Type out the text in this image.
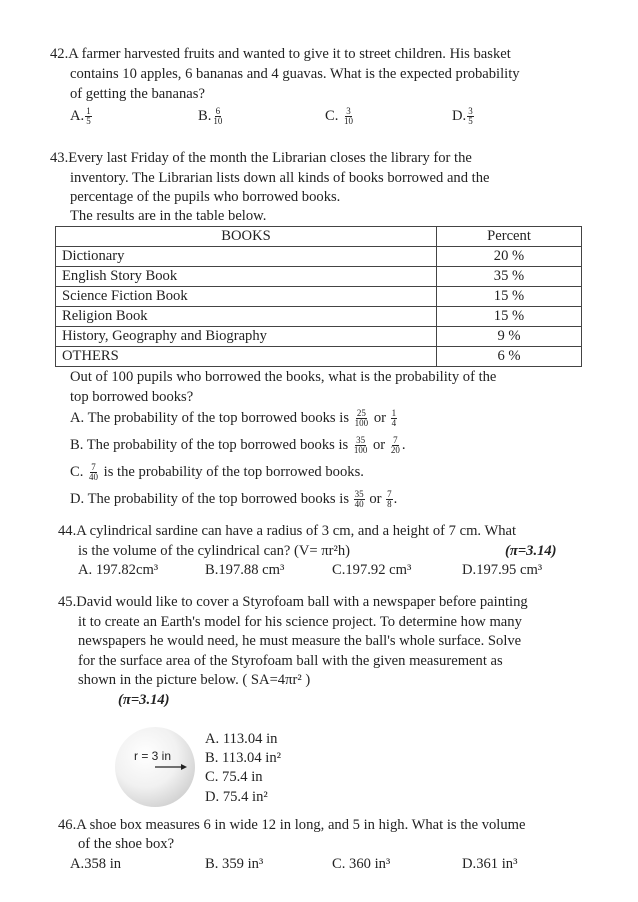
42.A farmer harvested fruits and wanted to give it to street children. His basket
contains 10 apples, 6 bananas and 4 guavas. What is the expected probability
of getting the bananas?
A. $\frac{1}{5}$	B. $\frac{6}{10}$	C. $\frac{3}{10}$	D. $\frac{3}{5}$
43.Every last Friday of the month the Librarian closes the library for the
inventory. The Librarian lists down all kinds of books borrowed and the
percentage of the pupils who borrowed books.
The results are in the table below.
BOOKS	Percent
Dictionary	20 %
English Story Book	35 %
Science Fiction Book	15 %
Religion Book	15 %
History, Geography and Biography	9 %
OTHERS	6 %
Out of 100 pupils who borrowed the books, what is the probability of the
top borrowed books?
A. The probability of the top borrowed books is $\frac{25}{100}$ or $\frac{1}{4}$
B. The probability of the top borrowed books is $\frac{35}{100}$ or $\frac{7}{20}$ .
C. $\frac{7}{40}$ is the probability of the top borrowed books.
D. The probability of the top borrowed books is $\frac{35}{40}$ or $\frac{7}{8}$ .
44.A cylindrical sardine can have a radius of 3 cm, and a height of 7 cm. What
is the volume of the cylindrical can? (V= πr²h)	(π=3.14)
A. 197.82cm³	B.197.88 cm³	C.197.92 cm³	D.197.95 cm³
45.David would like to cover a Styrofoam ball with a newspaper before painting
it to create an Earth's model for his science project. To determine how many
newspapers he would need, he must measure the ball's whole surface. Solve
for the surface area of the Styrofoam ball with the given measurement as
shown in the picture below. ( SA=4πr² )
(π=3.14)
r = 3 in
A. 113.04 in
B. 113.04 in²
C. 75.4 in
D. 75.4 in²
46.A shoe box measures 6 in wide 12 in long, and 5 in high. What is the volume
of the shoe box?
A.358 in	B. 359 in³	C. 360 in³	D.361 in³
